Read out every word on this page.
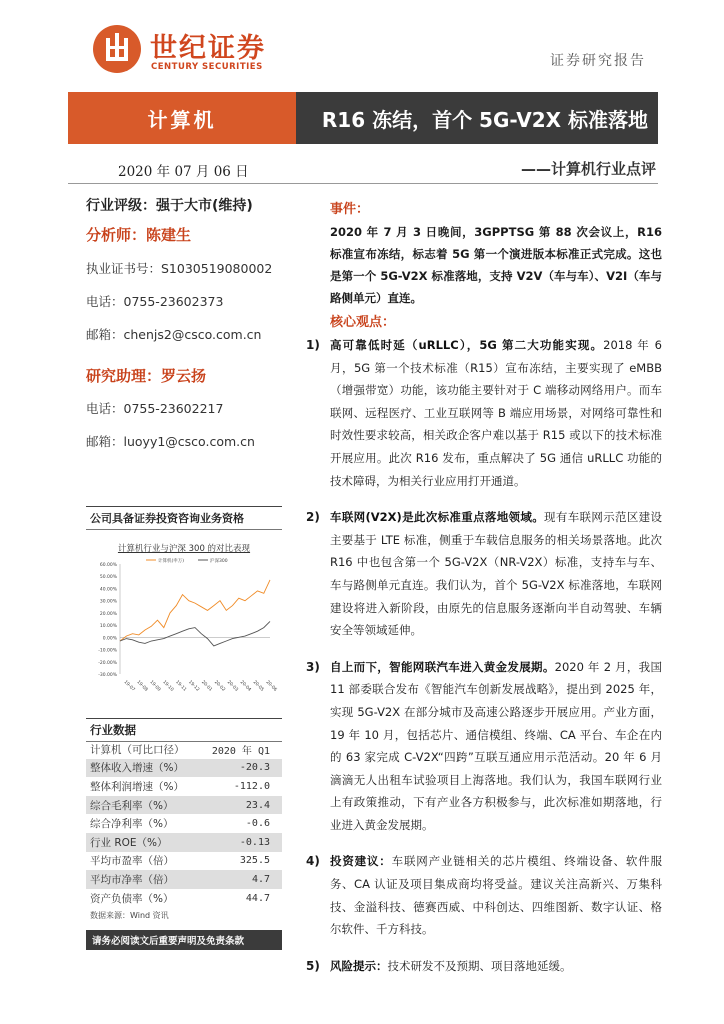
世纪证券
CENTURY SECURITIES	证券研究报告
计算机	R16 冻结，首个 5G-V2X 标准落地
2020 年 07 月 06 日	——计算机行业点评
行业评级：强于大市(维持)
分析师：陈建生
执业证书号：S1030519080002
电话：0755-23602373
邮箱：chenjs2@csco.com.cn
研究助理：罗云扬
电话：0755-23602217
邮箱：luoyy1@csco.com.cn
公司具备证券投资咨询业务资格
计算机行业与沪深 300 的对比表现
60.00%
50.00%
40.00%
30.00%
20.00%
10.00%
0.00%
-10.00%
-20.00%
-30.00%
19-07 19-08 19-09 19-10 19-11 19-12 20-01 20-02 20-03 20-04 20-05 20-06
计算机(申万)	沪深300
行业数据
计算机（可比口径）	2020 年 Q1
整体收入增速（%）	-20.3
整体利润增速（%）	-112.0
综合毛利率（%）	23.4
综合净利率（%）	-0.6
行业 ROE（%）	-0.13
平均市盈率（倍）	325.5
平均市净率（倍）	4.7
资产负债率（%）	44.7
数据来源：Wind 资讯
请务必阅读文后重要声明及免责条款
事件：
2020 年 7 月 3 日晚间，3GPPTSG 第 88 次会议上，R16 标准宣布冻结，标志着 5G 第一个演进版本标准正式完成。这也是第一个 5G-V2X 标准落地，支持 V2V（车与车）、V2I（车与路侧单元）直连。
核心观点：
1) 高可靠低时延（uRLLC），5G 第二大功能实现。2018 年 6 月，5G 第一个技术标准（R15）宣布冻结，主要实现了 eMBB（增强带宽）功能，该功能主要针对于 C 端移动网络用户。而车联网、远程医疗、工业互联网等 B 端应用场景，对网络可靠性和时效性要求较高，相关政企客户难以基于 R15 或以下的技术标准开展应用。此次 R16 发布，重点解决了 5G 通信 uRLLC 功能的技术障碍，为相关行业应用打开通道。
2) 车联网(V2X)是此次标准重点落地领域。现有车联网示范区建设主要基于 LTE 标准，侧重于车载信息服务的相关场景落地。此次 R16 中也包含第一个 5G-V2X（NR-V2X）标准，支持车与车、车与路侧单元直连。我们认为，首个 5G-V2X 标准落地，车联网建设将进入新阶段，由原先的信息服务逐渐向半自动驾驶、车辆安全等领域延伸。
3) 自上而下，智能网联汽车进入黄金发展期。2020 年 2 月，我国 11 部委联合发布《智能汽车创新发展战略》，提出到 2025 年，实现 5G-V2X 在部分城市及高速公路逐步开展应用。产业方面，19 年 10 月，包括芯片、通信模组、终端、CA 平台、车企在内的 63 家完成 C-V2X“四跨”互联互通应用示范活动。20 年 6 月滴滴无人出租车试验项目上海落地。我们认为，我国车联网行业上有政策推动，下有产业各方积极参与，此次标准如期落地，行业进入黄金发展期。
4) 投资建议：车联网产业链相关的芯片模组、终端设备、软件服务、CA 认证及项目集成商均将受益。建议关注高新兴、万集科技、金溢科技、德赛西威、中科创达、四维图新、数字认证、格尔软件、千方科技。
5) 风险提示：技术研发不及预期、项目落地延缓。
